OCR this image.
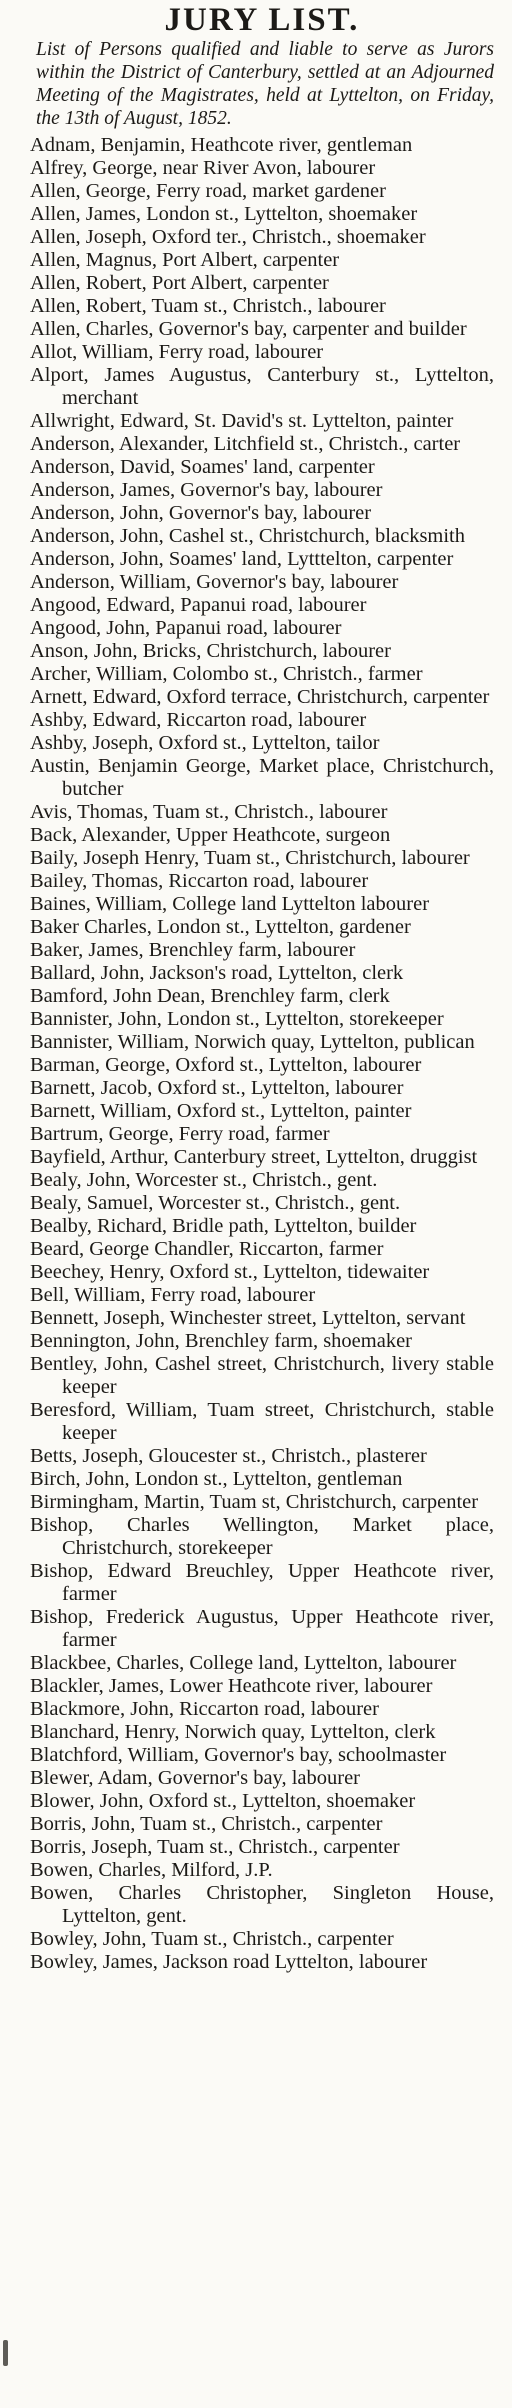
JURY LIST.

List of Persons qualified and liable to serve as Jurors within the District of Canterbury, settled at an Adjourned Meeting of the Magistrates, held at Lyttelton, on Friday, the 13th of August, 1852.

Adnam, Benjamin, Heathcote river, gentleman
Alfrey, George, near River Avon, labourer
Allen, George, Ferry road, market gardener
Allen, James, London st., Lyttelton, shoemaker
Allen, Joseph, Oxford ter., Christch., shoemaker
Allen, Magnus, Port Albert, carpenter
Allen, Robert, Port Albert, carpenter
Allen, Robert, Tuam st., Christch., labourer
Allen, Charles, Governor's bay, carpenter and builder
Allot, William, Ferry road, labourer
Alport, James Augustus, Canterbury st., Lyttelton, merchant
Allwright, Edward, St. David's st. Lyttelton, painter
Anderson, Alexander, Litchfield st., Christch., carter
Anderson, David, Soames' land, carpenter
Anderson, James, Governor's bay, labourer
Anderson, John, Governor's bay, labourer
Anderson, John, Cashel st., Christchurch, blacksmith
Anderson, John, Soames' land, Lytttelton, carpenter
Anderson, William, Governor's bay, labourer
Angood, Edward, Papanui road, labourer
Angood, John, Papanui road, labourer
Anson, John, Bricks, Christchurch, labourer
Archer, William, Colombo st., Christch., farmer
Arnett, Edward, Oxford terrace, Christchurch, carpenter
Ashby, Edward, Riccarton road, labourer
Ashby, Joseph, Oxford st., Lyttelton, tailor
Austin, Benjamin George, Market place, Christchurch, butcher
Avis, Thomas, Tuam st., Christch., labourer
Back, Alexander, Upper Heathcote, surgeon
Baily, Joseph Henry, Tuam st., Christchurch, labourer
Bailey, Thomas, Riccarton road, labourer
Baines, William, College land Lyttelton labourer
Baker Charles, London st., Lyttelton, gardener
Baker, James, Brenchley farm, labourer
Ballard, John, Jackson's road, Lyttelton, clerk
Bamford, John Dean, Brenchley farm, clerk
Bannister, John, London st., Lyttelton, storekeeper
Bannister, William, Norwich quay, Lyttelton, publican
Barman, George, Oxford st., Lyttelton, labourer
Barnett, Jacob, Oxford st., Lyttelton, labourer
Barnett, William, Oxford st., Lyttelton, painter
Bartrum, George, Ferry road, farmer
Bayfield, Arthur, Canterbury street, Lyttelton, druggist
Bealy, John, Worcester st., Christch., gent.
Bealy, Samuel, Worcester st., Christch., gent.
Bealby, Richard, Bridle path, Lyttelton, builder
Beard, George Chandler, Riccarton, farmer
Beechey, Henry, Oxford st., Lyttelton, tidewaiter
Bell, William, Ferry road, labourer
Bennett, Joseph, Winchester street, Lyttelton, servant
Bennington, John, Brenchley farm, shoemaker
Bentley, John, Cashel street, Christchurch, livery stable keeper
Beresford, William, Tuam street, Christchurch, stable keeper
Betts, Joseph, Gloucester st., Christch., plasterer
Birch, John, London st., Lyttelton, gentleman
Birmingham, Martin, Tuam st, Christchurch, carpenter
Bishop, Charles Wellington, Market place, Christchurch, storekeeper
Bishop, Edward Breuchley, Upper Heathcote river, farmer
Bishop, Frederick Augustus, Upper Heathcote river, farmer
Blackbee, Charles, College land, Lyttelton, labourer
Blackler, James, Lower Heathcote river, labourer
Blackmore, John, Riccarton road, labourer
Blanchard, Henry, Norwich quay, Lyttelton, clerk
Blatchford, William, Governor's bay, schoolmaster
Blewer, Adam, Governor's bay, labourer
Blower, John, Oxford st., Lyttelton, shoemaker
Borris, John, Tuam st., Christch., carpenter
Borris, Joseph, Tuam st., Christch., carpenter
Bowen, Charles, Milford, J.P.
Bowen, Charles Christopher, Singleton House, Lyttelton, gent.
Bowley, John, Tuam st., Christch., carpenter
Bowley, James, Jackson road Lyttelton, labourer
